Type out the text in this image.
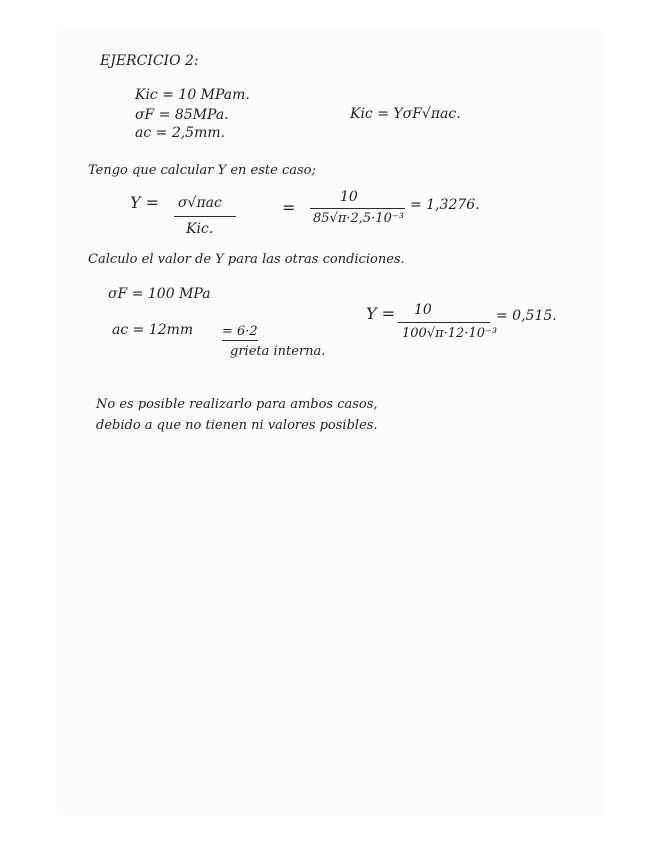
EJERCICIO 2:
Kic = 10 MPam.
σF = 85MPa.
ac = 2,5mm.
Kic = YσF√πac.
Tengo que calcular Y en este caso;
Y = σ√πac
Kic.
=
10
85√π·2,5·10⁻³
= 1,3276.
Calculo el valor de Y para las otras condiciones.
σF = 100 MPa
ac = 12mm = 6·2
grieta interna.
Y = 10
100√π·12·10⁻³
= 0,515.
No es posible realizarlo para ambos casos,
debido a que no tienen ni valores posibles.
